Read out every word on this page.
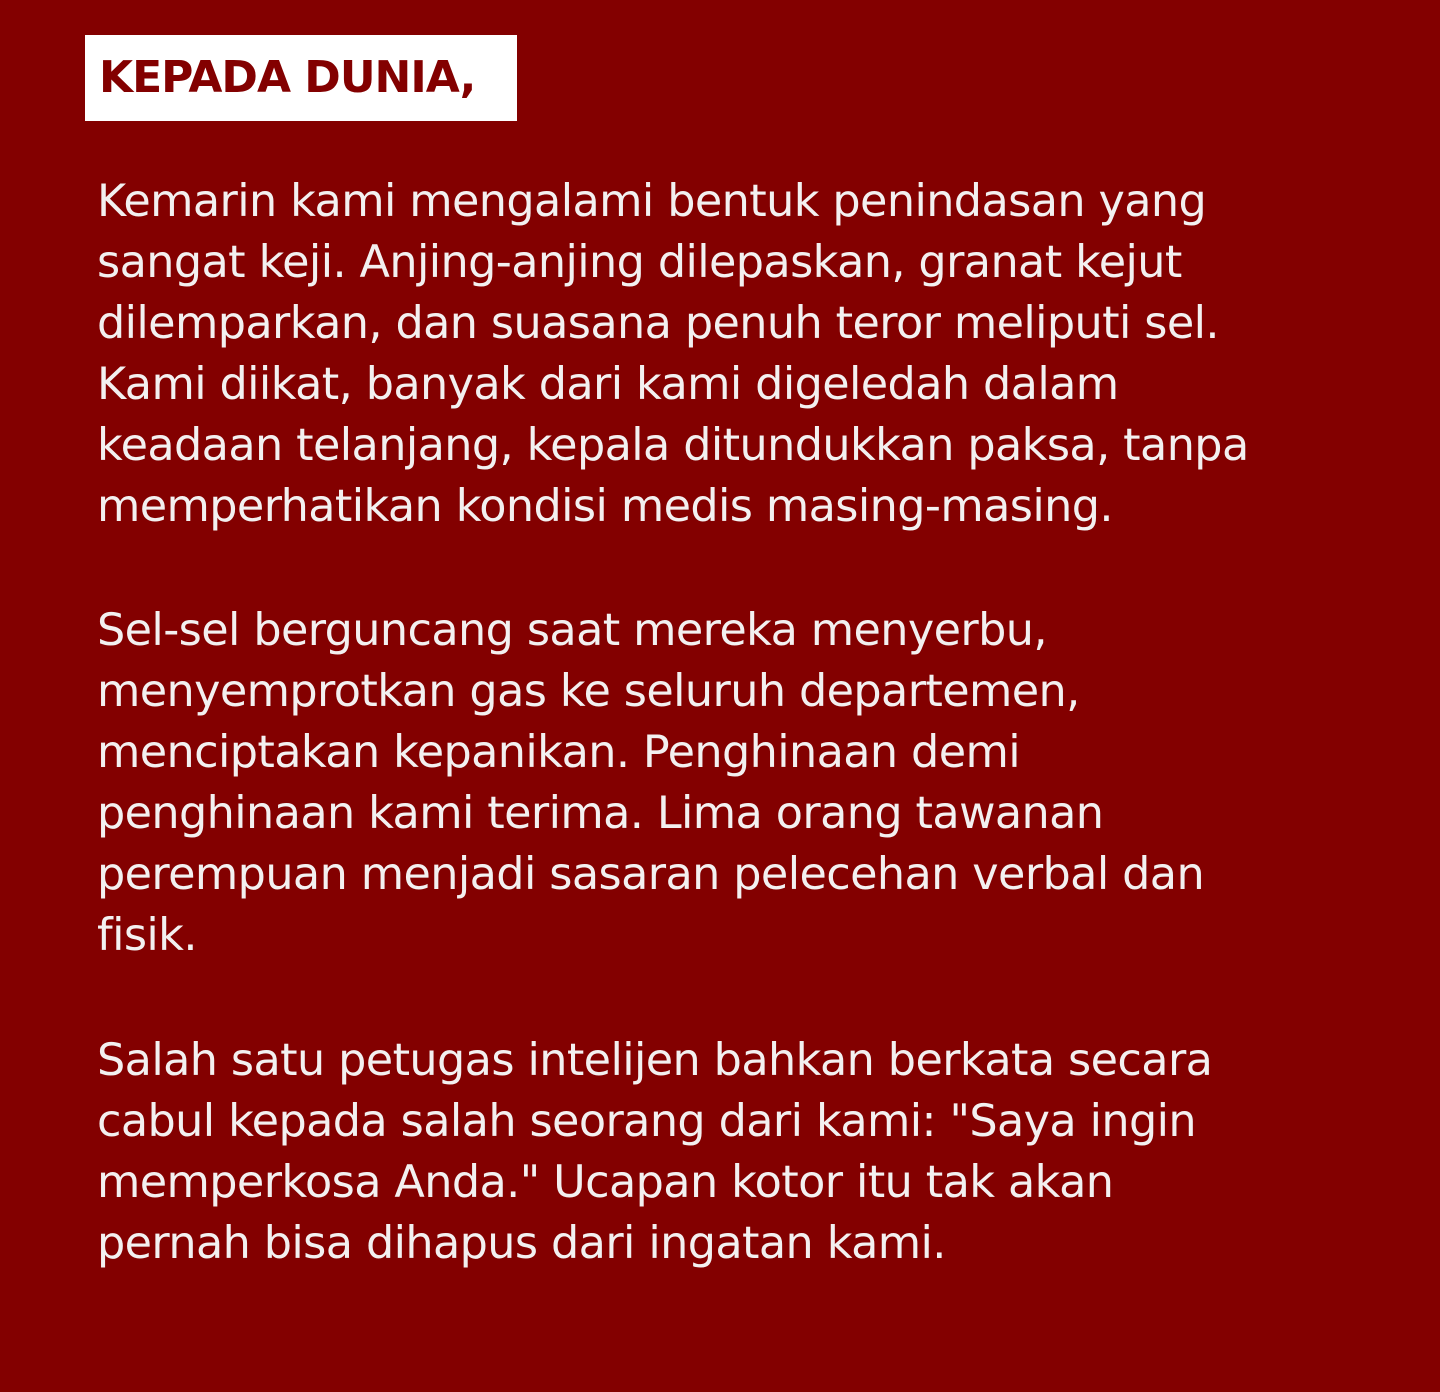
KEPADA DUNIA,

Kemarin kami mengalami bentuk penindasan yang
sangat keji. Anjing-anjing dilepaskan, granat kejut
dilemparkan, dan suasana penuh teror meliputi sel.
Kami diikat, banyak dari kami digeledah dalam
keadaan telanjang, kepala ditundukkan paksa, tanpa
memperhatikan kondisi medis masing-masing.

Sel-sel berguncang saat mereka menyerbu,
menyemprotkan gas ke seluruh departemen,
menciptakan kepanikan. Penghinaan demi
penghinaan kami terima. Lima orang tawanan
perempuan menjadi sasaran pelecehan verbal dan
fisik.

Salah satu petugas intelijen bahkan berkata secara
cabul kepada salah seorang dari kami: "Saya ingin
memperkosa Anda." Ucapan kotor itu tak akan
pernah bisa dihapus dari ingatan kami.
